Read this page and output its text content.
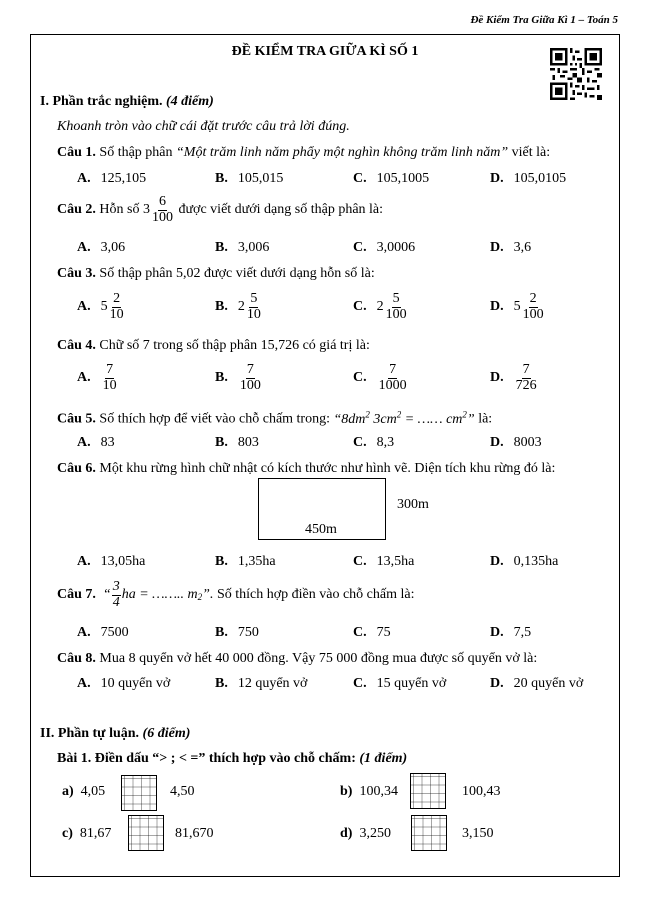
Đề Kiểm Tra Giữa Kì 1 – Toán 5
ĐỀ KIỂM TRA GIỮA KÌ SỐ 1
I. Phần trắc nghiệm. (4 điểm)
Khoanh tròn vào chữ cái đặt trước câu trả lời đúng.
Câu 1. Số thập phân “Một trăm linh năm phẩy một nghìn không trăm linh năm” viết là:
A. 125,105	B. 105,015	C. 105,1005	D. 105,0105
Câu 2.
Hỗn số
$3 \frac{6}{100}$
được viết dưới dạng số thập phân là:
A. 3,06	B. 3,006	C. 3,0006	D. 3,6
Câu 3. Số thập phân 5,02 được viết dưới dạng hỗn số là:
A. $5 \frac{2}{10}$	B. $2 \frac{5}{10}$	C. $2 \frac{5}{100}$	D. $5 \frac{2}{100}$
Câu 4. Chữ số 7 trong số thập phân 15,726 có giá trị là:
A. $\frac{7}{10}$	B. $\frac{7}{100}$	C. $\frac{7}{1000}$	D. $\frac{7}{726}$
Câu 5. Số thích hợp để viết vào chỗ chấm trong: “$8dm^2$ $3cm^2$ = …… $cm^2$” là:
A. 83	B. 803	C. 8,3	D. 8003
Câu 6. Một khu rừng hình chữ nhật có kích thước như hình vẽ. Diện tích khu rừng đó là:
300m
450m
A. 13,05ha	B. 1,35ha	C. 13,5ha	D. 0,135ha
Câu 7.
“ $\frac{3}{4}$ ha = …….. m 2 ”.
Số thích hợp điền vào chỗ chấm là:
A. 7500	B. 750	C. 75	D. 7,5
Câu 8. Mua 8 quyển vở hết 40 000 đồng. Vậy 75 000 đồng mua được số quyển vở là:
A. 10 quyển vở	B. 12 quyển vở	C. 15 quyển vở	D. 20 quyển vở
II. Phần tự luận. (6 điểm)
Bài 1. Điền dấu “> ; < =” thích hợp vào chỗ chấm: (1 điểm)
a) 4,05	4,50	b) 100,34	100,43
c) 81,67	81,670	d) 3,250	3,150
